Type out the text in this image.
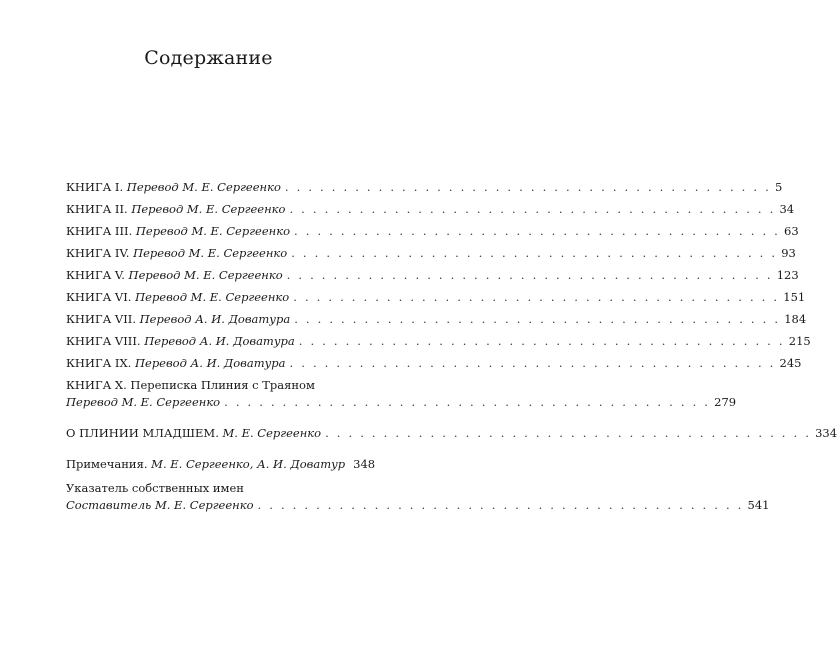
Содержание
КНИГА I. Перевод М. Е. Сергеенко . . . . . . . . . . . . . . . . . . . . . . . . . . . . . . . . . . . . . . . . . . 5
КНИГА II. Перевод М. Е. Сергеенко . . . . . . . . . . . . . . . . . . . . . . . . . . . . . . . . . . . . . . . . . . 34
КНИГА III. Перевод М. Е. Сергеенко . . . . . . . . . . . . . . . . . . . . . . . . . . . . . . . . . . . . . . . . . . 63
КНИГА IV. Перевод М. Е. Сергеенко . . . . . . . . . . . . . . . . . . . . . . . . . . . . . . . . . . . . . . . . . . 93
КНИГА V. Перевод М. Е. Сергеенко . . . . . . . . . . . . . . . . . . . . . . . . . . . . . . . . . . . . . . . . . . 123
КНИГА VI. Перевод М. Е. Сергеенко . . . . . . . . . . . . . . . . . . . . . . . . . . . . . . . . . . . . . . . . . . 151
КНИГА VII. Перевод А. И. Доватура . . . . . . . . . . . . . . . . . . . . . . . . . . . . . . . . . . . . . . . . . . 184
КНИГА VIII. Перевод А. И. Доватура . . . . . . . . . . . . . . . . . . . . . . . . . . . . . . . . . . . . . . . . . . 215
КНИГА IX. Перевод А. И. Доватура . . . . . . . . . . . . . . . . . . . . . . . . . . . . . . . . . . . . . . . . . . 245
КНИГА X. Переписка Плиния с Траяном
Перевод М. Е. Сергеенко . . . . . . . . . . . . . . . . . . . . . . . . . . . . . . . . . . . . . . . . . . 279
О ПЛИНИИ МЛАДШЕМ. М. Е. Сергеенко . . . . . . . . . . . . . . . . . . . . . . . . . . . . . . . . . . . . . . . . . . 334
Примечания. М. Е. Сергеенко, А. И. Доватур 348
Указатель собственных имен
Составитель М. Е. Сергеенко . . . . . . . . . . . . . . . . . . . . . . . . . . . . . . . . . . . . . . . . . . 541
